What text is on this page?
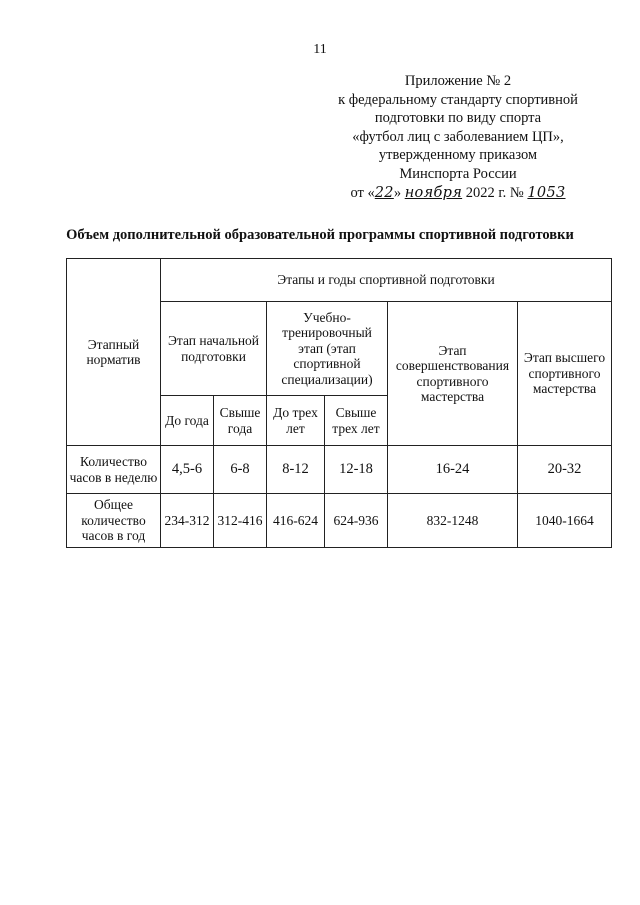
11
Приложение № 2
к федеральному стандарту спортивной
подготовки по виду спорта
«футбол лиц с заболеванием ЦП»,
утвержденному приказом
Минспорта России
от «22» ноября 2022 г. № 1053
Объем дополнительной образовательной программы спортивной подготовки
Этапный норматив	Этапы и годы спортивной подготовки					
	Этап начальной подготовки		Учебно-тренировочный этап (этап спортивной специализации)		Этап совершенствования спортивного мастерства	Этап высшего спортивного мастерства
	До года	Свыше года	До трех лет	Свыше трех лет		
Количество часов в неделю	4,5-6	6-8	8-12	12-18	16-24	20-32
Общее количество часов в год	234-312	312-416	416-624	624-936	832-1248	1040-1664
